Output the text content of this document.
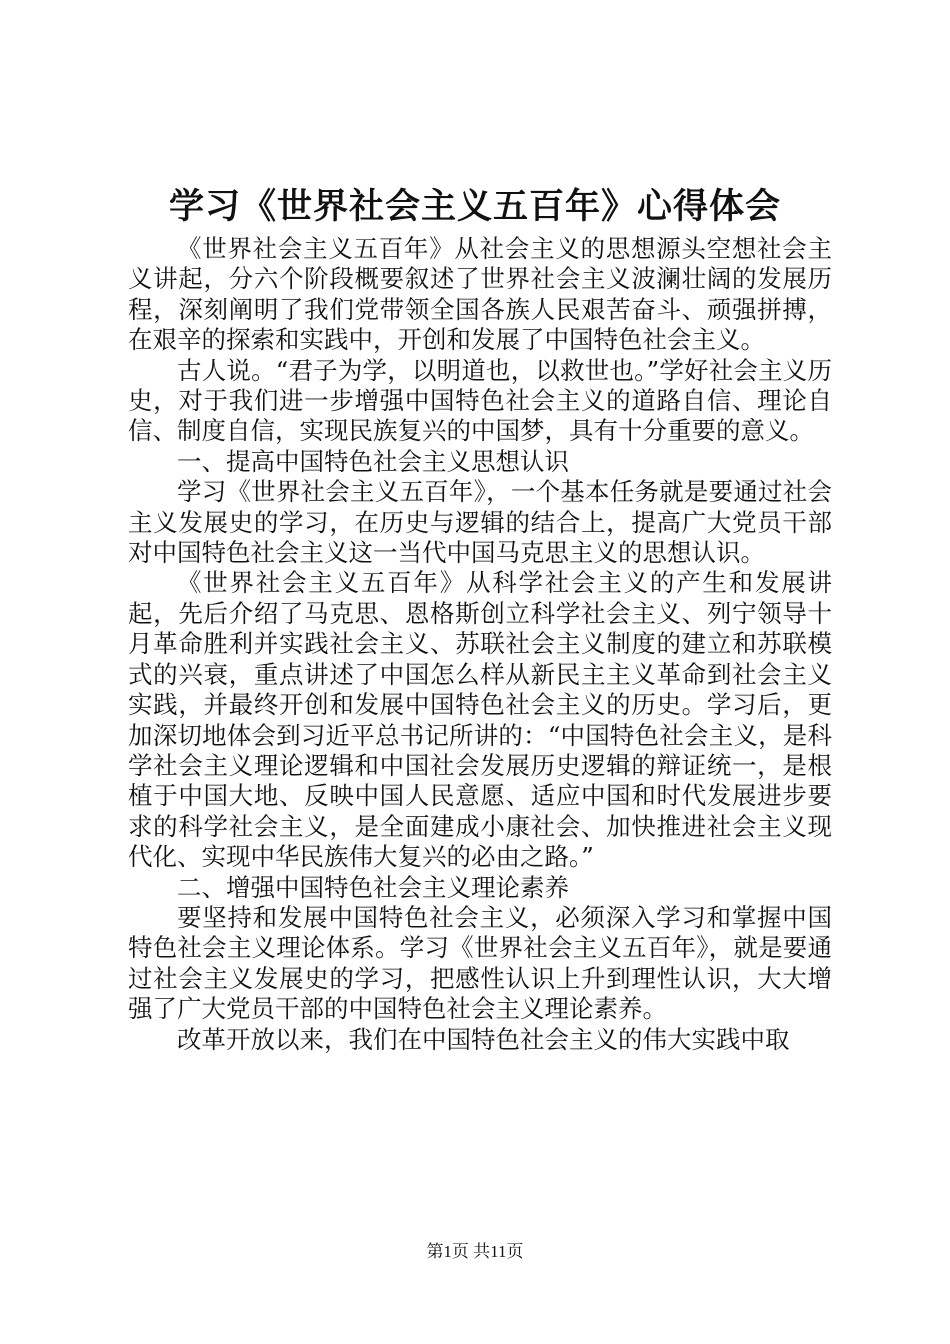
学习《世界社会主义五百年》心得体会

《世界社会主义五百年》从社会主义的思想源头空想社会主义讲起，分六个阶段概要叙述了世界社会主义波澜壮阔的发展历程，深刻阐明了我们党带领全国各族人民艰苦奋斗、顽强拼搏，在艰辛的探索和实践中，开创和发展了中国特色社会主义。

古人说。“君子为学，以明道也，以救世也。”学好社会主义历史，对于我们进一步增强中国特色社会主义的道路自信、理论自信、制度自信，实现民族复兴的中国梦，具有十分重要的意义。

一、提高中国特色社会主义思想认识

学习《世界社会主义五百年》，一个基本任务就是要通过社会主义发展史的学习，在历史与逻辑的结合上，提高广大党员干部对中国特色社会主义这一当代中国马克思主义的思想认识。

《世界社会主义五百年》从科学社会主义的产生和发展讲起，先后介绍了马克思、恩格斯创立科学社会主义、列宁领导十月革命胜利并实践社会主义、苏联社会主义制度的建立和苏联模式的兴衰，重点讲述了中国怎么样从新民主主义革命到社会主义实践，并最终开创和发展中国特色社会主义的历史。学习后，更加深切地体会到习近平总书记所讲的：“中国特色社会主义，是科学社会主义理论逻辑和中国社会发展历史逻辑的辩证统一，是根植于中国大地、反映中国人民意愿、适应中国和时代发展进步要求的科学社会主义，是全面建成小康社会、加快推进社会主义现代化、实现中华民族伟大复兴的必由之路。”

二、增强中国特色社会主义理论素养

要坚持和发展中国特色社会主义，必须深入学习和掌握中国特色社会主义理论体系。学习《世界社会主义五百年》，就是要通过社会主义发展史的学习，把感性认识上升到理性认识，大大增强了广大党员干部的中国特色社会主义理论素养。

改革开放以来，我们在中国特色社会主义的伟大实践中取

第1页 共11页
